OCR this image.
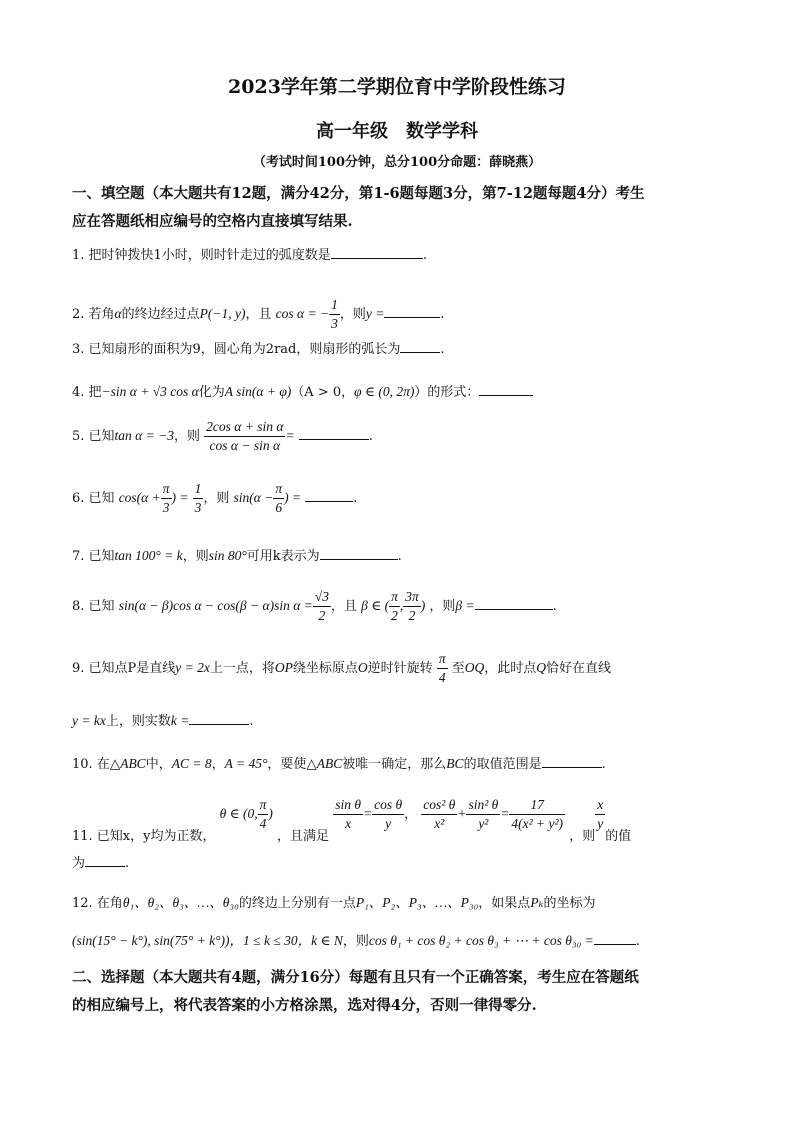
2023学年第二学期位育中学阶段性练习
高一年级　数学学科
（考试时间100分钟，总分100分命题：薛晓燕）
一、填空题（本大题共有12题，满分42分，第1-6题每题3分，第7-12题每题4分）考生
应在答题纸相应编号的空格内直接填写结果.
1. 把时钟拨快1小时，则时针走过的弧度数是	.
2. 若角α的终边经过点P(−1, y)，且 cos α = − $\frac{1}{3}$ ，则y =	.
3. 已知扇形的面积为9，圆心角为2rad，则扇形的弧长为	.
4. 把−sin α + √3 cos α化为A sin(α + φ)（A > 0，φ ∈ (0, 2π)）的形式：
5. 已知tan α = −3，则 $\frac{\text{2cos α + sin α}}{\text{cos α − sin α}}$ =	.
6. 已知 $\cos(\alpha + \frac{\pi}{3}$ ) = $\frac{1}{3}$ ，则 $\sin(\alpha - \frac{\pi}{6}$ ) =	.
7. 已知tan 100° = k，则sin 80°可用k表示为	.
8. 已知 sin(α − β)cos α − cos(β − α)sin $\alpha = \frac{√3}{2}$ ，且 β ∈ ( $\frac{\pi}{2}$ , $\frac{3\pi}{2}$ ) ，则β =	.
9. 已知点P是直线y = 2x上一点，将OP绕坐标原点O逆时针旋转 $\frac{\pi}{4}$ 至OQ，此时点Q恰好在直线
y = kx上，则实数k =	.
10. 在△ABC中，AC = 8，A = 45°，要使△ABC被唯一确定，那么BC的取值范围是	.
11. 已知x，y均为正数， θ ∈ (0, $\frac{\pi}{4}$ ) ，且满足
$\frac{\text{sin θ}}{x} = \frac{\text{cos θ}}{y}$ ， $\frac{\text{cos² θ}}{\text{x²}} + \frac{\text{sin² θ}}{\text{y²}} = \frac{17}{\text{4(x² + y²)}}$
，则
$\frac{x}{y}$
的值
为	.
12. 在角θ₁、θ₂、θ₃、…、θ₃₀的终边上分别有一点P₁、P₂、P₃、…、P₃₀，如果点Pₖ的坐标为
(sin(15° − k°), sin(75° + k°))，1 ≤ k ≤ 30，k ∈ N，则cos θ₁ + cos θ₂ + cos θ₃ + ⋯ + cos θ₃₀ =	.
二、选择题（本大题共有4题，满分16分）每题有且只有一个正确答案，考生应在答题纸
的相应编号上，将代表答案的小方格涂黑，选对得4分，否则一律得零分.
